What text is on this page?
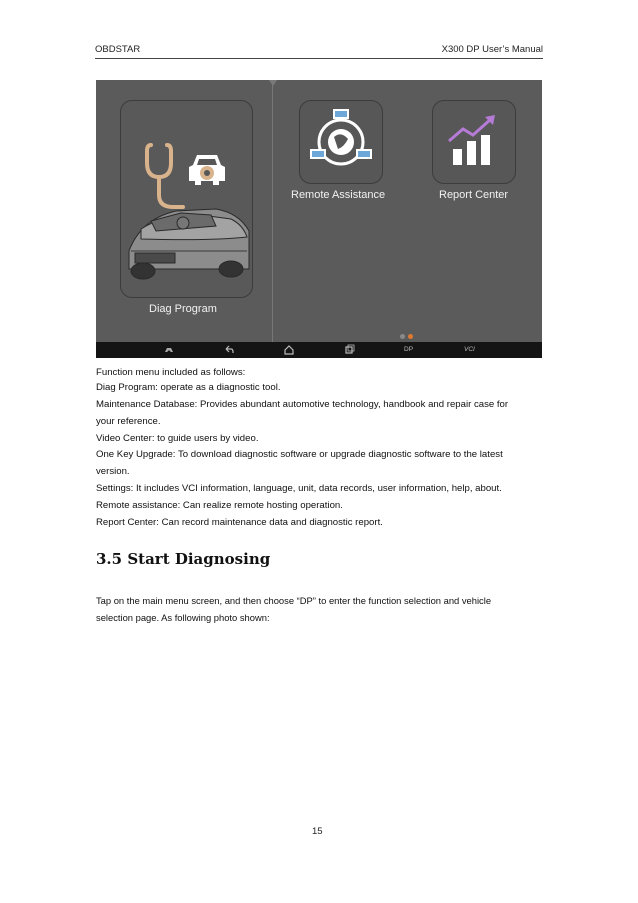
OBDSTAR	X300 DP User’s Manual
Diag Program
Remote Assistance	Report Center
DP	VCI
Function menu included as follows:
Diag Program: operate as a diagnostic tool.
Maintenance Database: Provides abundant automotive technology, handbook and repair case for
your reference.
Video Center: to guide users by video.
One Key Upgrade: To download diagnostic software or upgrade diagnostic software to the latest
version.
Settings: It includes VCI information, language, unit, data records, user information, help, about.
Remote assistance: Can realize remote hosting operation.
Report Center: Can record maintenance data and diagnostic report.
3.5 Start Diagnosing
Tap on the main menu screen, and then choose “DP” to enter the function selection and vehicle
selection page. As following photo shown:
15
